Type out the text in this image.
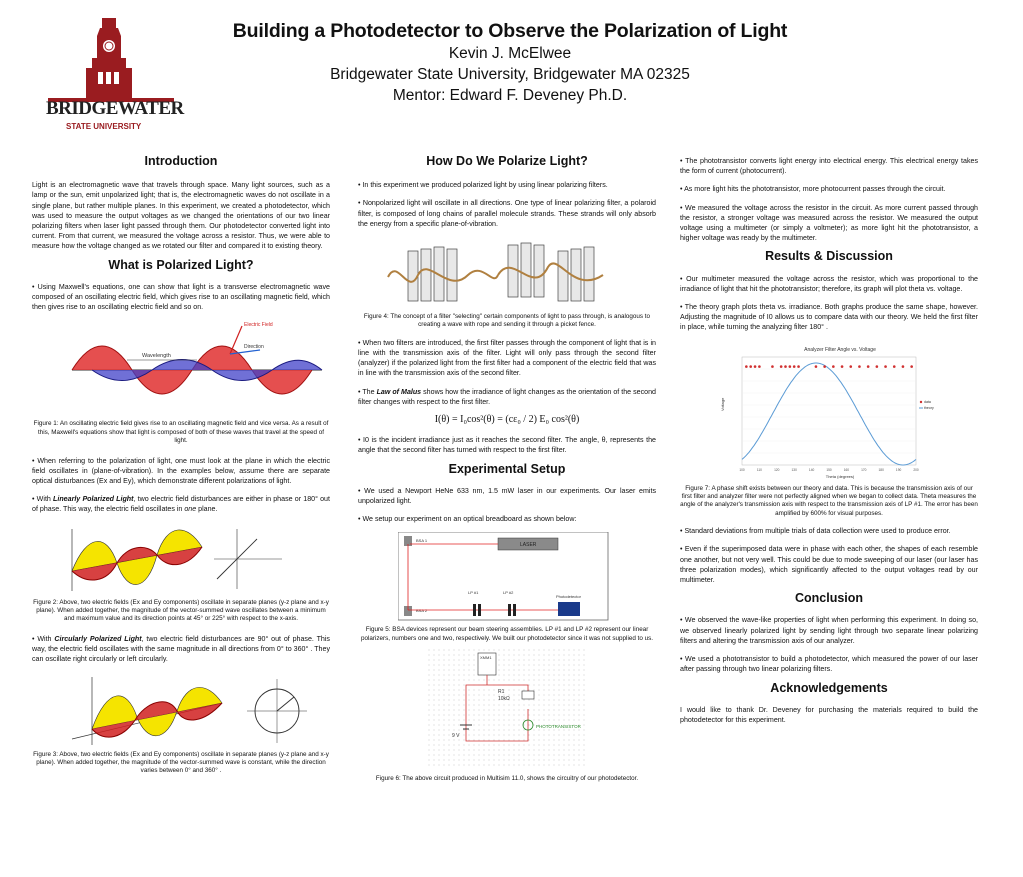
BRIDGEWATER
STATE UNIVERSITY
Building a Photodetector to Observe the Polarization of Light
Kevin J. McElwee
Bridgewater State University, Bridgewater MA 02325
Mentor: Edward F. Deveney Ph.D.
Introduction

Light is an electromagnetic wave that travels through space. Many light sources, such as a lamp or the sun, emit unpolarized light; that is, the electromagnetic waves do not oscillate in a single plane, but rather multiple planes. In this experiment, we created a photodetector, which was used to measure the output voltages as we changed the orientations of our two linear polarizing filters when laser light passed through them. Our photodetector converted light into current. From that current, we measured the voltage across a resistor. Thus, we were able to measure how the voltage changed as we rotated our filter and compared it to existing theory.

What is Polarized Light?

• Using Maxwell's equations, one can show that light is a transverse electromagnetic wave composed of an oscillating electric field, which gives rise to an oscillating magnetic field, which then gives rise to an oscillating electric field and so on.

Wavelength
Electric Field
Direction
Figure 1: An oscillating electric field gives rise to an oscillating magnetic field and vice versa. As a result of this, Maxwell's equations show that light is composed of both of these waves that travel at the speed of light.

• When referring to the polarization of light, one must look at the plane in which the electric field oscillates in (plane-of-vibration). In the examples below, assume there are separate optical disturbances (Ex and Ey), which demonstrate different polarizations of light.

• With Linearly Polarized Light, two electric field disturbances are either in phase or 180° out of phase. This way, the electric field oscillates in one plane.

Figure 2: Above, two electric fields (Ex and Ey components) oscillate in separate planes (y-z plane and x-y plane). When added together, the magnitude of the vector-summed wave oscillates between a minimum and maximum value and its direction points at 45° or 225° with respect to the x-axis.

• With Circularly Polarized Light, two electric field disturbances are 90° out of phase. This way, the electric field oscillates with the same magnitude in all directions from 0° to 360° . They can oscillate right circularly or left circularly.

Figure 3: Above, two electric fields (Ex and Ey components) oscillate in separate planes (y-z plane and x-y plane). When added together, the magnitude of the vector-summed wave is constant, while the direction varies between 0° and 360° .
How Do We Polarize Light?

• In this experiment we produced polarized light by using linear polarizing filters.

• Nonpolarized light will oscillate in all directions. One type of linear polarizing filter, a polaroid filter, is composed of long chains of parallel molecule strands. These strands will only absorb the energy from a specific plane-of-vibration.

Figure 4: The concept of a filter "selecting" certain components of light to pass through, is analogous to creating a wave with rope and sending it through a picket fence.

• When two filters are introduced, the first filter passes through the component of light that is in line with the transmission axis of the filter. Light will only pass through the second filter (analyzer) if the polarized light from the first filter had a component of the electric field that was in line with the transmission axis of the second filter.

• The Law of Malus shows how the irradiance of light changes as the orientation of the second filter changes with respect to the first filter.

I(θ) = I₀cos²(θ) = (cε₀ / 2) E₀ cos²(θ)

• I0 is the incident irradiance just as it reaches the second filter. The angle, θ, represents the angle that the second filter has turned with respect to the first filter.

Experimental Setup

• We used a Newport HeNe 633 nm, 1.5 mW laser in our experiments. Our laser emits unpolarized light.

• We setup our experiment on an optical breadboard as shown below:

BSA 1
BSA 2
LASER
LP #1	LP #2
Photodetector
Figure 5: BSA devices represent our beam steering assemblies. LP #1 and LP #2 represent our linear polarizers, numbers one and two, respectively. We built our photodetector since it was not supplied to us.
XMM1
R1
10kΩ
9 V
PHOTOTRANSISTOR
Figure 6: The above circuit produced in Multisim 11.0, shows the circuitry of our photodetector.

• The phototransistor converts light energy into electrical energy. This electrical energy takes the form of current (photocurrent).

• As more light hits the phototransistor, more photocurrent passes through the circuit.

• We measured the voltage across the resistor in the circuit. As more current passed through the resistor, a stronger voltage was measured across the resistor. We measured the output voltage using a multimeter (or simply a voltmeter); as more light hit the phototransistor, a higher voltage was ready by the multimeter.

Results & Discussion

• Our multimeter measured the voltage across the resistor, which was proportional to the irradiance of light that hit the phototransistor; therefore, its graph will plot theta vs. voltage.

• The theory graph plots theta vs. irradiance. Both graphs produce the same shape, however. Adjusting the magnitude of I0 allows us to compare data with our theory. We held the first filter in place, while turning the analyzing filter 180° .

Analyzer Filter Angle vs. Voltage
Theta (degrees)
Voltage	data
theory
100	110	120	130	140	150	160	170	180	190	200
Figure 7: A phase shift exists between our theory and data. This is because the transmission axis of our first filter and analyzer filter were not perfectly aligned when we began to collect data. Theta measures the angle of the analyzer's transmission axis with respect to the transmission axis of LP #1. The error has been amplified by 600% for visual purposes.

• Standard deviations from multiple trials of data collection were used to produce error.

• Even if the superimposed data were in phase with each other, the shapes of each resemble one another, but not very well. This could be due to mode sweeping of our laser (our laser has three polarization modes), which significantly affected to the output voltages read by our multimeter.

Conclusion

• We observed the wave-like properties of light when performing this experiment. In doing so, we observed linearly polarized light by sending light through two separate linear polarizing filters and altering the transmission axis of our analyzer.

• We used a phototransistor to build a photodetector, which measured the power of our laser after passing through two linear polarizing filters.

Acknowledgements

I would like to thank Dr. Deveney for purchasing the materials required to build the photodetector for this experiment.
